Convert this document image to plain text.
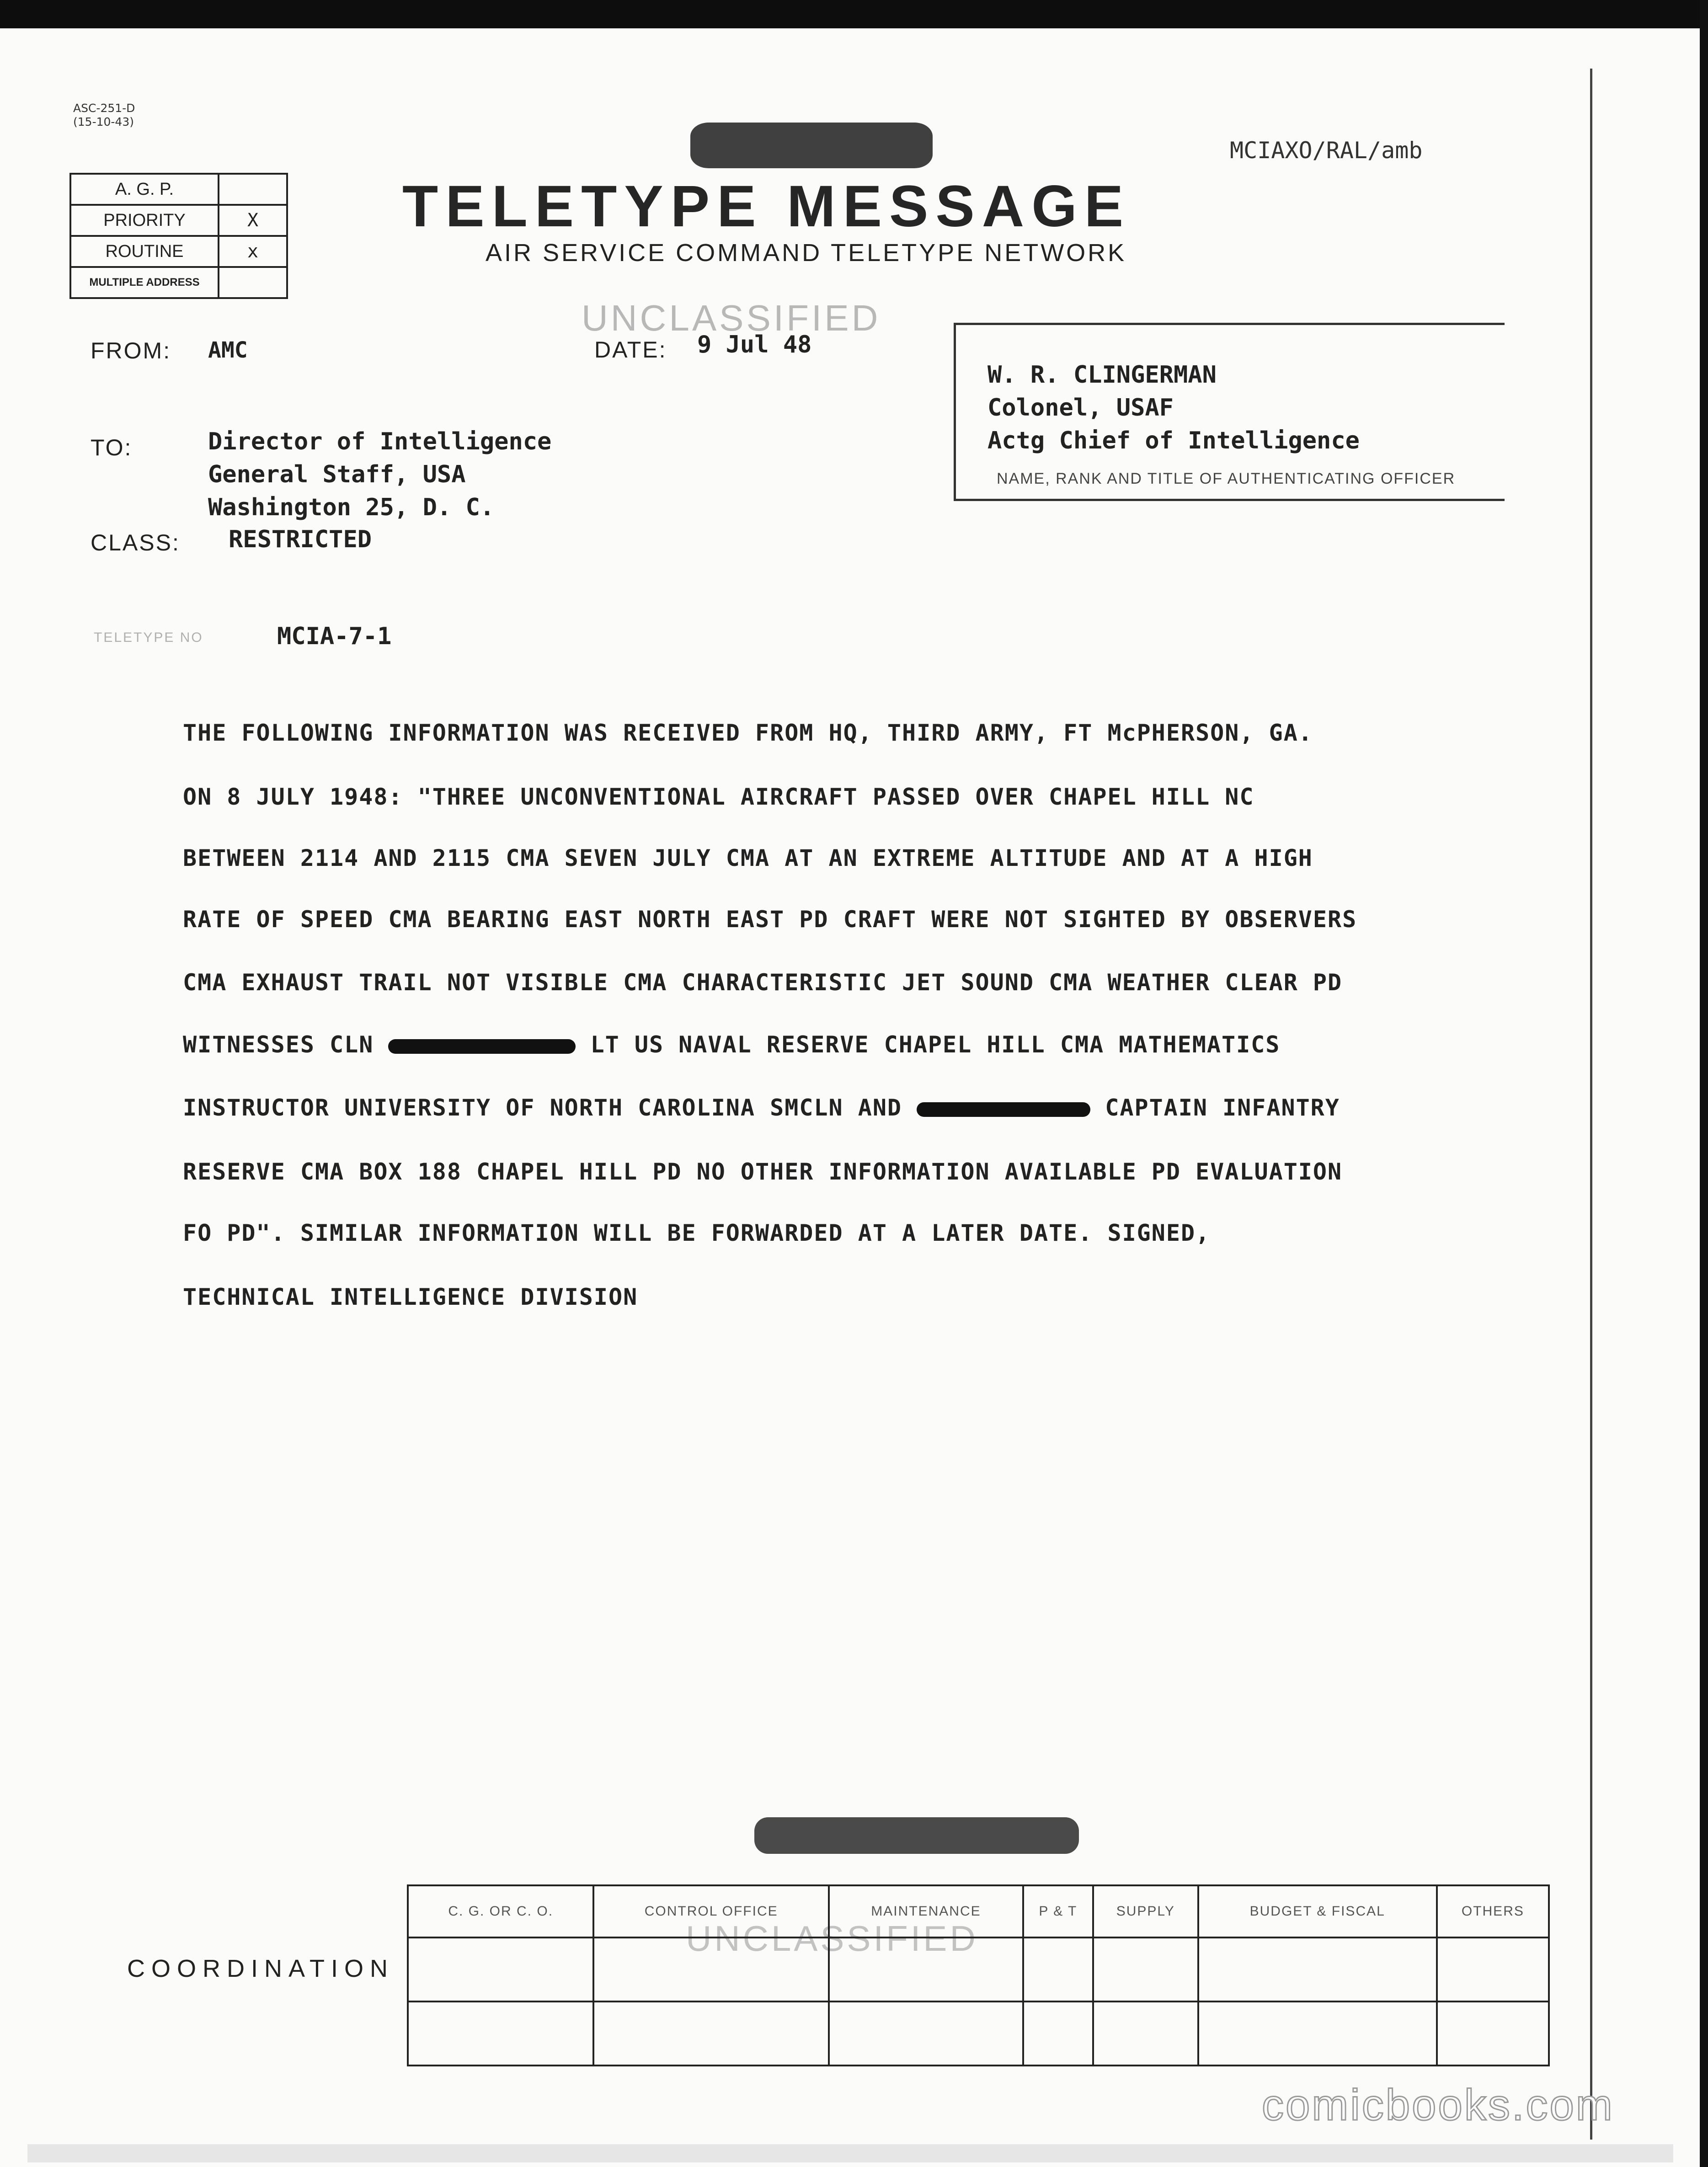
ASC-251-D
(15-10-43)
MCIAXO/RAL/amb
A. G. P.	
PRIORITY	X
ROUTINE	x
MULTIPLE ADDRESS	
TELETYPE MESSAGE
AIR SERVICE COMMAND TELETYPE NETWORK
UNCLASSIFIED
FROM: AMC	DATE: 9 Jul 48
TO:	Director of Intelligence
General Staff, USA
Washington 25, D. C.
CLASS: RESTRICTED
W. R. CLINGERMAN
Colonel, USAF
Actg Chief of Intelligence
NAME, RANK AND TITLE OF AUTHENTICATING OFFICER
TELETYPE NO	MCIA-7-1
THE FOLLOWING INFORMATION WAS RECEIVED FROM HQ, THIRD ARMY, FT McPHERSON, GA.
ON 8 JULY 1948: "THREE UNCONVENTIONAL AIRCRAFT PASSED OVER CHAPEL HILL NC
BETWEEN 2114 AND 2115 CMA SEVEN JULY CMA AT AN EXTREME ALTITUDE AND AT A HIGH
RATE OF SPEED CMA BEARING EAST NORTH EAST PD CRAFT WERE NOT SIGHTED BY OBSERVERS
CMA EXHAUST TRAIL NOT VISIBLE CMA CHARACTERISTIC JET SOUND CMA WEATHER CLEAR PD
WITNESSES CLN	LT US NAVAL RESERVE CHAPEL HILL CMA MATHEMATICS
INSTRUCTOR UNIVERSITY OF NORTH CAROLINA SMCLN AND	CAPTAIN INFANTRY
RESERVE CMA BOX 188 CHAPEL HILL PD NO OTHER INFORMATION AVAILABLE PD EVALUATION
FO PD". SIMILAR INFORMATION WILL BE FORWARDED AT A LATER DATE. SIGNED,
TECHNICAL INTELLIGENCE DIVISION
UNCLASSIFIED
COORDINATION
C. G. OR C. O.	CONTROL OFFICE	MAINTENANCE	P & T	SUPPLY	BUDGET & FISCAL	OTHERS

comicbooks.com
